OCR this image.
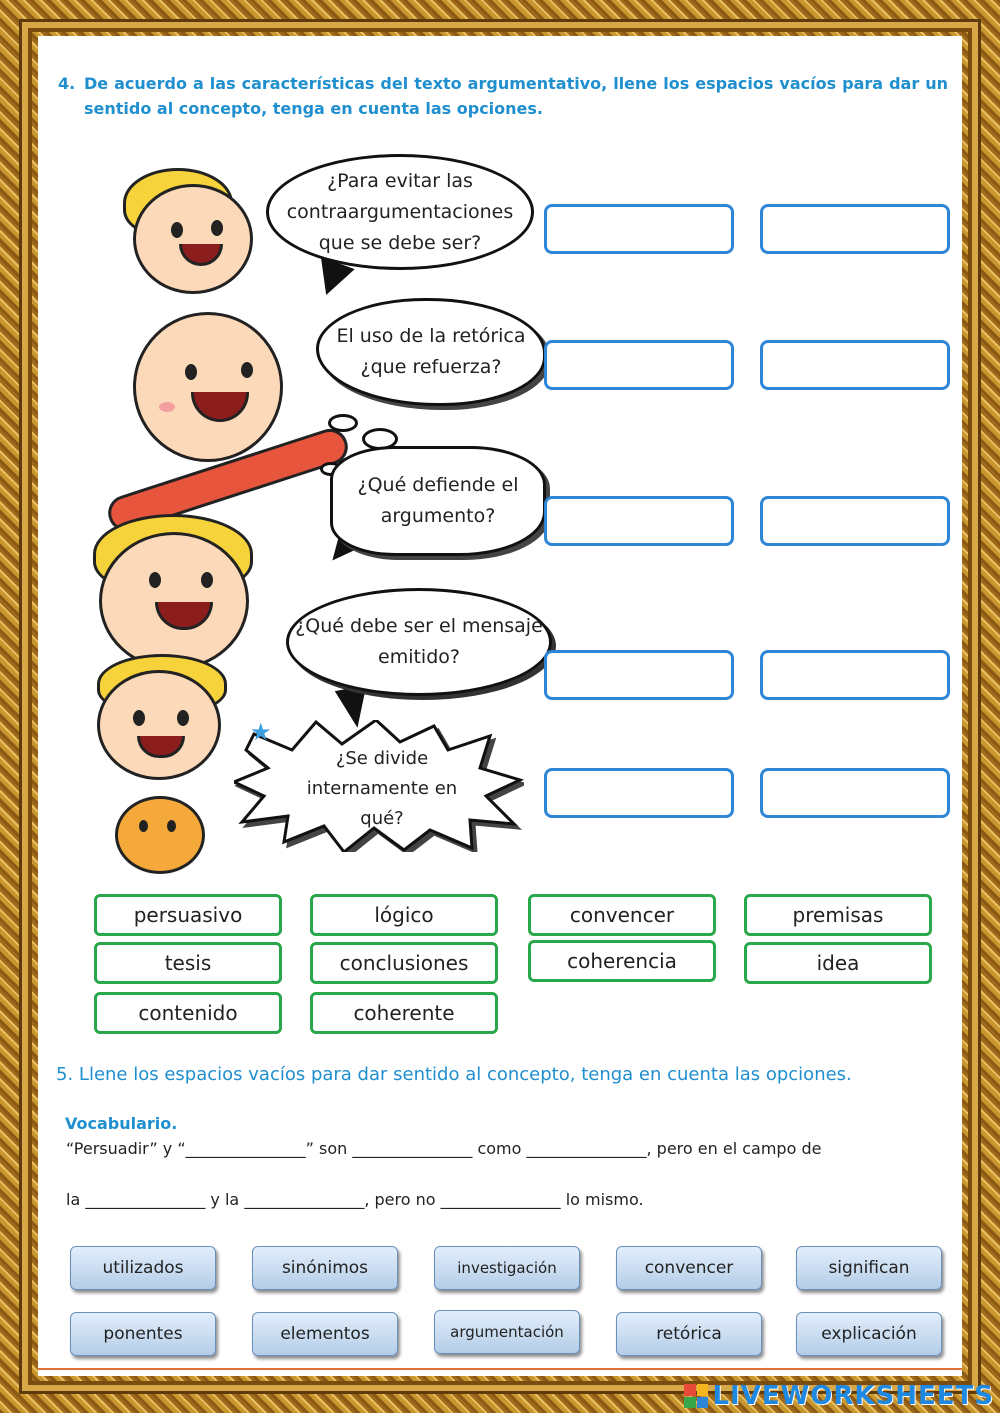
4. De acuerdo a las características del texto argumentativo, llene los espacios vacíos para dar un sentido al concepto, tenga en cuenta las opciones.
¿Para evitar las contraargumentaciones que se debe ser?
El uso de la retórica ¿que refuerza?
¿Qué defiende el argumento?
¿Qué debe ser el mensaje emitido?
¿Se divide internamente en qué?
★
persuasivo	lógico	convencer	premisas
tesis	conclusiones	coherencia	idea
contenido	coherente
5. Llene los espacios vacíos para dar sentido al concepto, tenga en cuenta las opciones.
Vocabulario.
“Persuadir” y “_______________” son _______________ como _______________, pero en el campo de
la _______________ y la _______________, pero no _______________ lo mismo.
utilizados	sinónimos	investigación	convencer	significan
ponentes	elementos	argumentación	retórica	explicación
LIVEWORKSHEETS
